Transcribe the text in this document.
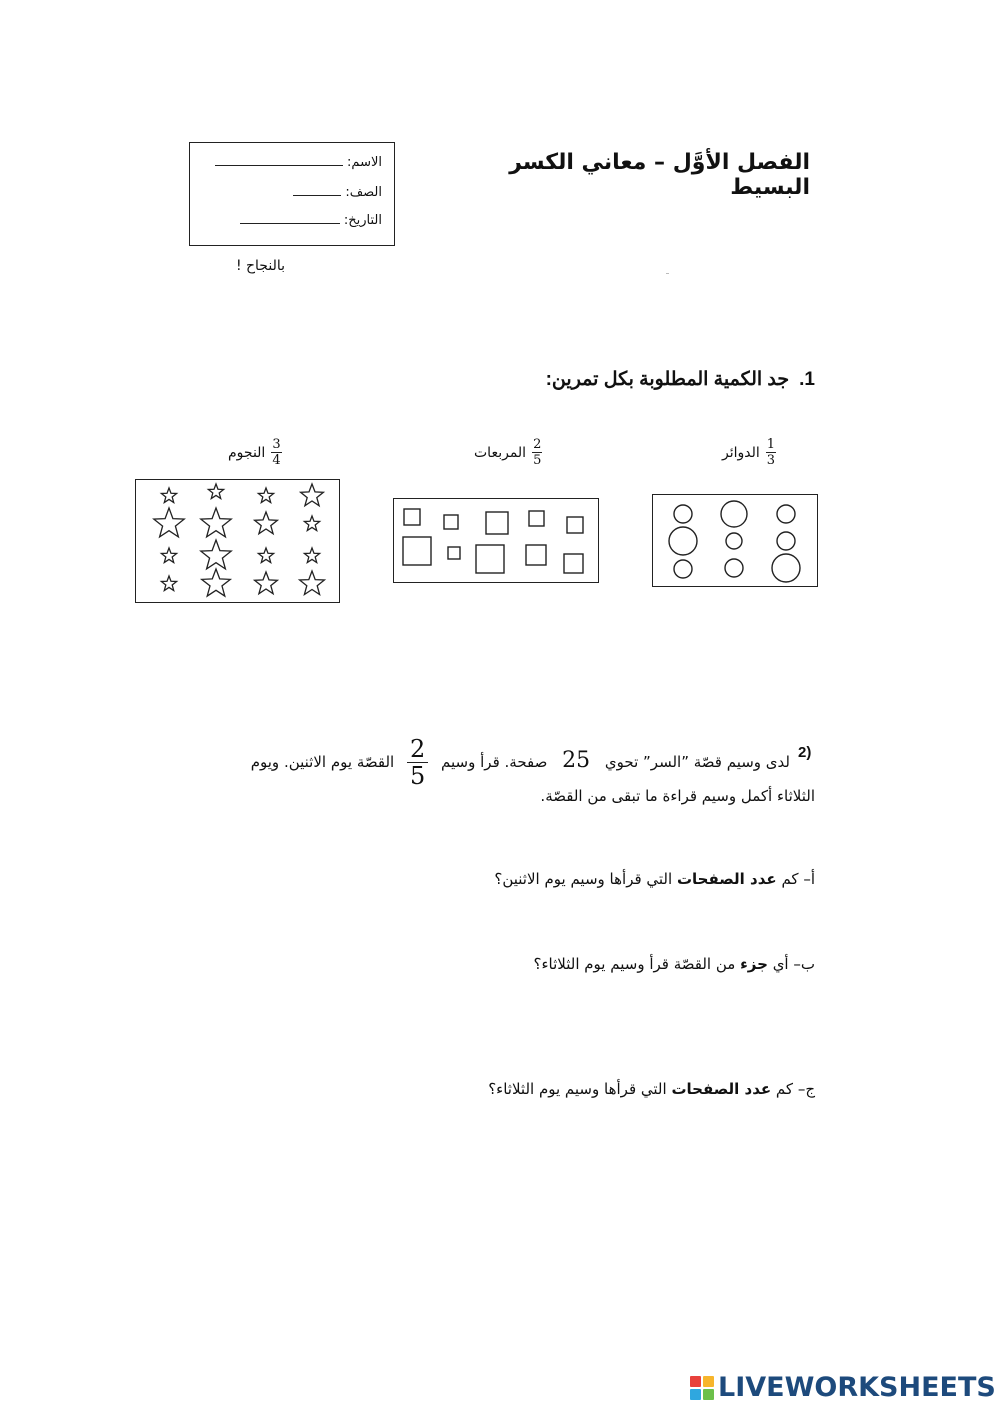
الفصل الأوَّل – معاني الكسر البسيط
الاسم:
الصف:
التاريخ:
بالنجاح !
1.جد الكمية المطلوبة بكل تمرين:
$\frac{1}{3}$
الدوائر
$\frac{2}{5}$
المربعات
$\frac{3}{4}$
النجوم
2)
لدى وسيم قصّة ”السر” تحوي 25 صفحة. قرأ وسيم
$\frac{2}{5}$
القصّة يوم الاثنين. ويوم
الثلاثاء أكمل وسيم قراءة ما تبقى من القصّة.
أ– كم عدد الصفحات التي قرأها وسيم يوم الاثنين؟
ب– أي جزء من القصّة قرأ وسيم يوم الثلاثاء؟
ج– كم عدد الصفحات التي قرأها وسيم يوم الثلاثاء؟
LIVEWORKSHEETS
